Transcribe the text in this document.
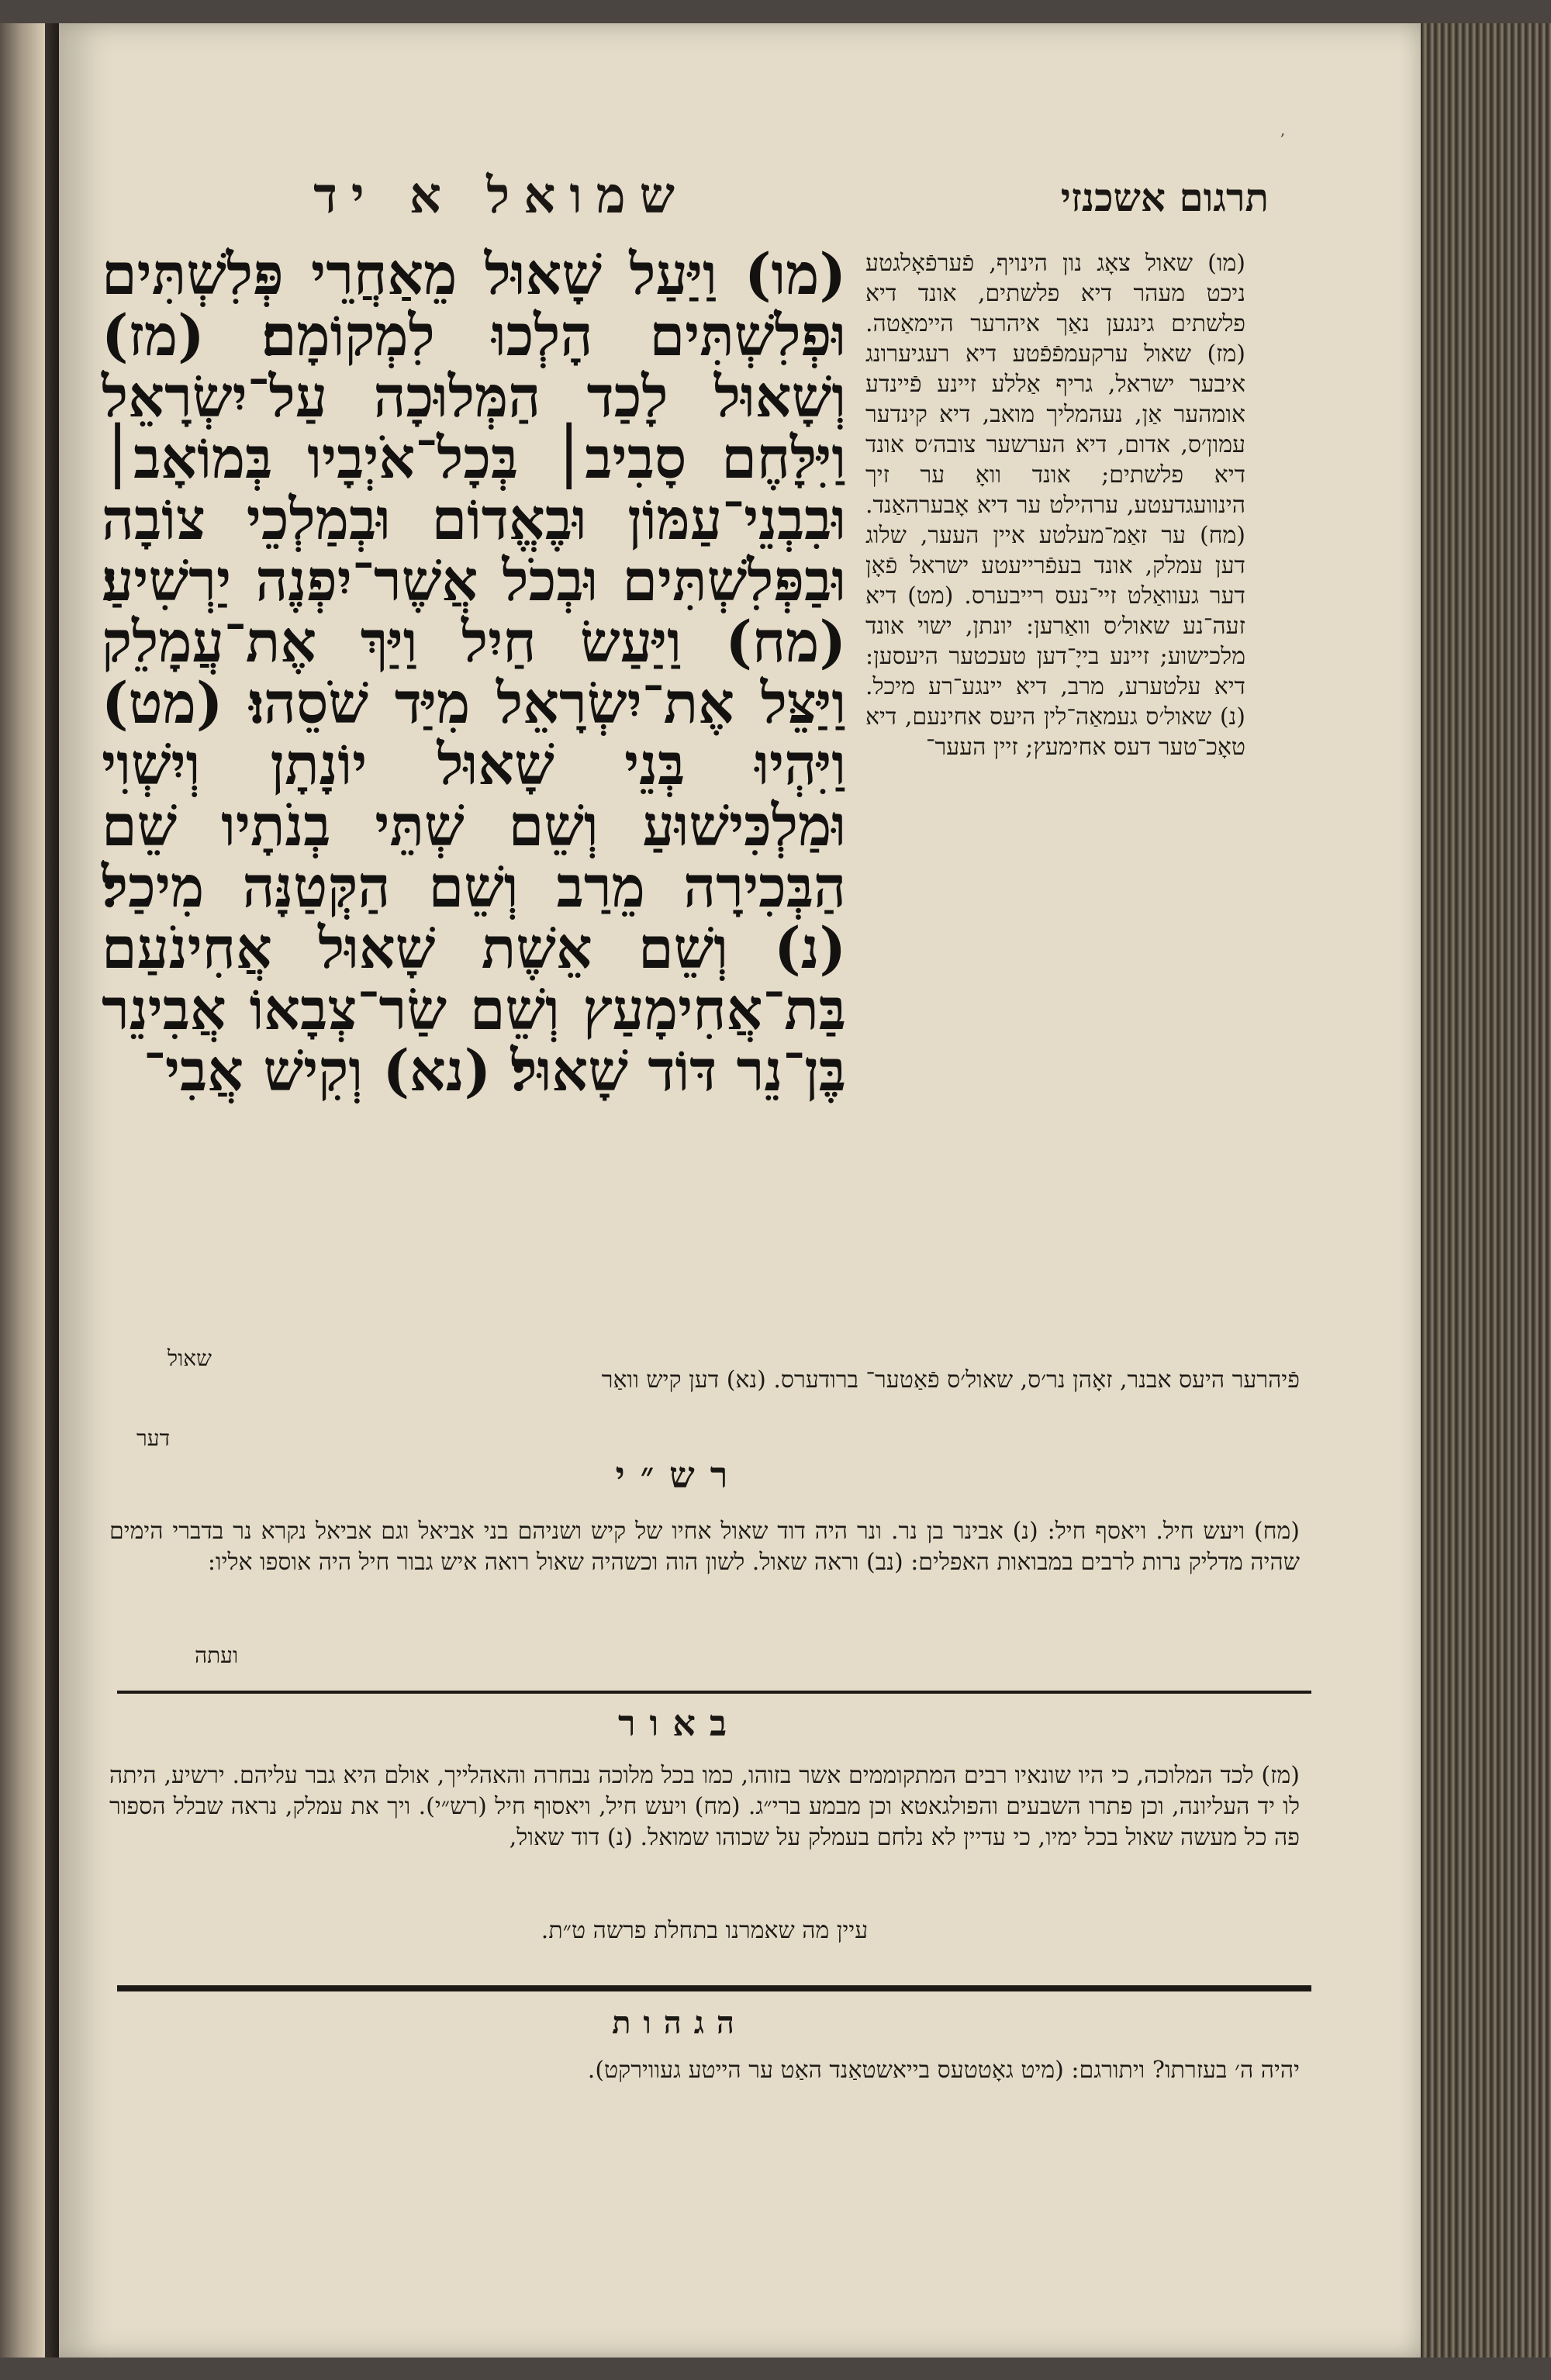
,
שמואל א יד	תרגום אשכנזי
(מו) וַיַּעַל שָׁאוּל מֵאַחֲרֵי פְּלִשְׁתִּים וּפְלִשְׁתִּים הָלְכוּ לִמְקוֹמָם׃ (מז) וְשָׁאוּל לָכַד הַמְּלוּכָה עַל־יִשְׂרָאֵל וַיִּלָּחֶם סָבִיב׀ בְּכָל־אֹיְבָיו בְּמוֹאָב׀ וּבִבְנֵי־עַמּוֹן וּבֶאֱדוֹם וּבְמַלְכֵי צוֹבָה וּבַפְּלִשְׁתִּים וּבְכֹל אֲשֶׁר־יִפְנֶה יַרְשִׁיעַ׃ (מח) וַיַּעַשׂ חַיִל וַיַּךְ אֶת־עֲמָלֵק וַיַּצֵּל אֶת־יִשְׂרָאֵל מִיַּד שֹׁסֵהוּ׃ (מט) וַיִּהְיוּ בְּנֵי שָׁאוּל יוֹנָתָן וְיִשְׁוִי וּמַלְכִּישׁוּעַ וְשֵׁם שְׁתֵּי בְנֹתָיו שֵׁם הַבְּכִירָה מֵרַב וְשֵׁם הַקְּטַנָּה מִיכַל׃ (נ) וְשֵׁם אֵשֶׁת שָׁאוּל אֲחִינֹעַם בַּת־אֲחִימָעַץ וְשֵׁם שַׂר־צְבָאוֹ אֲבִינֵר בֶּן־נֵר דּוֹד שָׁאוּל׃ (נא) וְקִישׁ אֲבִי־
(מו) שאול צאָג נון הינויף, פֿערפֿאָלגטע ניכט מעהר דיא פלשתים, אונד דיא פלשתים גינגען נאַך איהרער היימאַטה. (מז) שאול ערקעמפֿפֿטע דיא רעגיערונג איבער ישראל, גריף אַללע זיינע פֿיינדע אומהער אַן, נעהמליך מואב, דיא קינדער עמון׳ס, אדום, דיא הערשער צובה׳ס אונד דיא פלשתים; אונד וואָ ער זיך הינוועגדעטע, ערהילט ער דיא אָבערהאַנד. (מח) ער זאַמ־מעלטע איין העער, שלוג דען עמלק, אונד בעפֿרייעטע ישראל פֿאָן דער געוואַלט זיי־נעס רייבערס. (מט) דיא זעה־נע שאול׳ס וואַרען: יונתן, ישוי אונד מלכישוע; זיינע בייָ־דען טעכטער היעסען: דיא עלטערע, מרב, דיא יינגע־רע מיכל. (נ) שאול׳ס געמאַה־לין היעס אחינעם, דיא טאָכ־טער דעס אחימעץ; זיין העער־
שאול
פֿיהרער היעס אבנר, זאָהן נר׳ס, שאול׳ס פֿאַטער־ ברודערס. (נא) דען קיש וואַר
דער
רש״י
(מח) ויעש חיל. ויאסף חיל: (נ) אבינר בן נר. ונר היה דוד שאול אחיו של קיש ושניהם בני אביאל וגם אביאל נקרא נר בדברי הימים שהיה מדליק נרות לרבים במבואות האפלים: (נב) וראה שאול. לשון הוה וכשהיה שאול רואה איש גבור חיל היה אוספו אליו:
ועתה
באור
(מז) לכד המלוכה, כי היו שונאיו רבים המתקוממים אשר בזוהו, כמו בכל מלוכה נבחרה והאהלייך, אולם היא גבר עליהם. ירשיע, היתה לו יד העליונה, וכן פתרו השבעים והפולגאטא וכן מבמע ברי״ג. (מח) ויעש חיל, ויאסוף חיל (רש״י). ויך את עמלק, נראה שבלל הספור פה כל מעשה שאול בכל ימיו, כי עדיין לא נלחם בעמלק על שכוהו שמואל. (נ) דוד שאול,
עיין מה שאמרנו בתחלת פרשה ט״ת.
הגהות
יהיה ה׳ בעזרתו? ויתורגם: (מיט גאָטטעס בייאשטאַנד האַט ער הייטע געווירקט).
